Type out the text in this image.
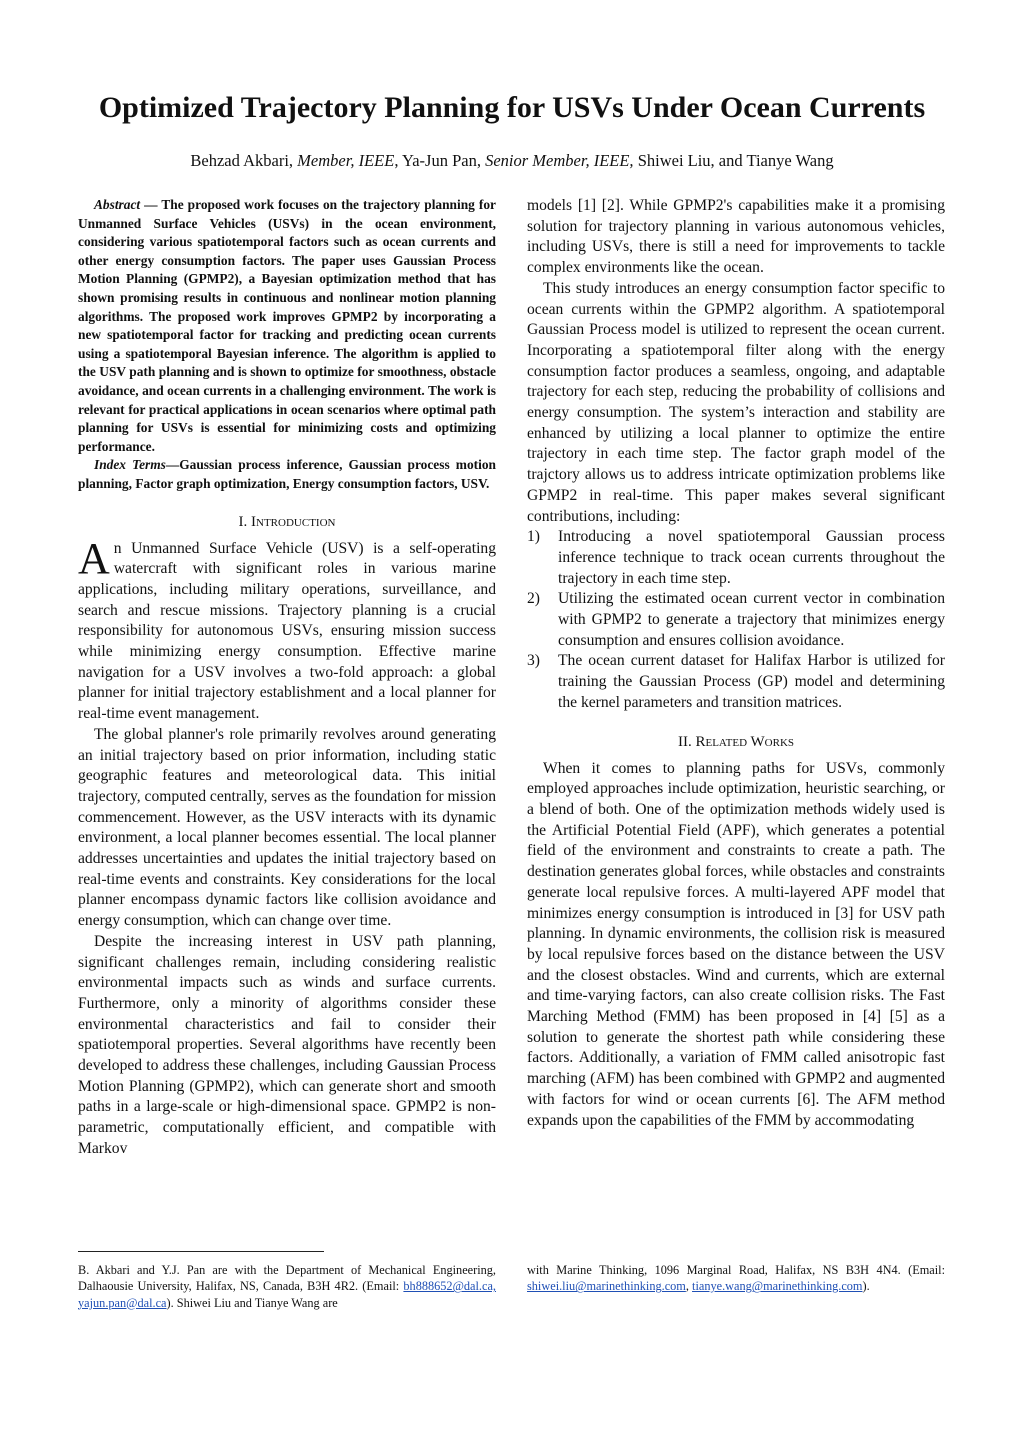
Optimized Trajectory Planning for USVs Under Ocean Currents
Behzad Akbari, Member, IEEE, Ya-Jun Pan, Senior Member, IEEE, Shiwei Liu, and Tianye Wang

Abstract — The proposed work focuses on the trajectory planning for Unmanned Surface Vehicles (USVs) in the ocean environment, considering various spatiotemporal factors such as ocean currents and other energy consumption factors. The paper uses Gaussian Process Motion Planning (GPMP2), a Bayesian optimization method that has shown promising results in continuous and nonlinear motion planning algorithms. The proposed work improves GPMP2 by incorporating a new spatiotemporal factor for tracking and predicting ocean currents using a spatiotemporal Bayesian inference. The algorithm is applied to the USV path planning and is shown to optimize for smoothness, obstacle avoidance, and ocean currents in a challenging environment. The work is relevant for practical applications in ocean scenarios where optimal path planning for USVs is essential for minimizing costs and optimizing performance.

Index Terms—Gaussian process inference, Gaussian process motion planning, Factor graph optimization, Energy consumption factors, USV.

I. Introduction

An Unmanned Surface Vehicle (USV) is a self-operating watercraft with significant roles in various marine applications, including military operations, surveillance, and search and rescue missions. Trajectory planning is a crucial responsibility for autonomous USVs, ensuring mission success while minimizing energy consumption. Effective marine navigation for a USV involves a two-fold approach: a global planner for initial trajectory establishment and a local planner for real-time event management.

The global planner's role primarily revolves around generating an initial trajectory based on prior information, including static geographic features and meteorological data. This initial trajectory, computed centrally, serves as the foundation for mission commencement. However, as the USV interacts with its dynamic environment, a local planner becomes essential. The local planner addresses uncertainties and updates the initial trajectory based on real-time events and constraints. Key considerations for the local planner encompass dynamic factors like collision avoidance and energy consumption, which can change over time.

Despite the increasing interest in USV path planning, significant challenges remain, including considering realistic environmental impacts such as winds and surface currents. Furthermore, only a minority of algorithms consider these environmental characteristics and fail to consider their spatiotemporal properties. Several algorithms have recently been developed to address these challenges, including Gaussian Process Motion Planning (GPMP2), which can generate short and smooth paths in a large-scale or high-dimensional space. GPMP2 is non-parametric, computationally efficient, and compatible with Markov

models [1] [2]. While GPMP2's capabilities make it a promising solution for trajectory planning in various autonomous vehicles, including USVs, there is still a need for improvements to tackle complex environments like the ocean.

This study introduces an energy consumption factor specific to ocean currents within the GPMP2 algorithm. A spatiotemporal Gaussian Process model is utilized to represent the ocean current. Incorporating a spatiotemporal filter along with the energy consumption factor produces a seamless, ongoing, and adaptable trajectory for each step, reducing the probability of collisions and energy consumption. The system’s interaction and stability are enhanced by utilizing a local planner to optimize the entire trajectory in each time step. The factor graph model of the trajctory allows us to address intricate optimization problems like GPMP2 in real-time. This paper makes several significant contributions, including:

1) Introducing a novel spatiotemporal Gaussian process inference technique to track ocean currents throughout the trajectory in each time step.
2) Utilizing the estimated ocean current vector in combination with GPMP2 to generate a trajectory that minimizes energy consumption and ensures collision avoidance.
3) The ocean current dataset for Halifax Harbor is utilized for training the Gaussian Process (GP) model and determining the kernel parameters and transition matrices.
II. Related Works

When it comes to planning paths for USVs, commonly employed approaches include optimization, heuristic searching, or a blend of both. One of the optimization methods widely used is the Artificial Potential Field (APF), which generates a potential field of the environment and constraints to create a path. The destination generates global forces, while obstacles and constraints generate local repulsive forces. A multi-layered APF model that minimizes energy consumption is introduced in [3] for USV path planning. In dynamic environments, the collision risk is measured by local repulsive forces based on the distance between the USV and the closest obstacles. Wind and currents, which are external and time-varying factors, can also create collision risks. The Fast Marching Method (FMM) has been proposed in [4] [5] as a solution to generate the shortest path while considering these factors. Additionally, a variation of FMM called anisotropic fast marching (AFM) has been combined with GPMP2 and augmented with factors for wind or ocean currents [6]. The AFM method expands upon the capabilities of the FMM by accommodating

B. Akbari and Y.J. Pan are with the Department of Mechanical Engineering, Dalhaousie University, Halifax, NS, Canada, B3H 4R2. (Email: bh888652@dal.ca, yajun.pan@dal.ca). Shiwei Liu and Tianye Wang are

with Marine Thinking, 1096 Marginal Road, Halifax, NS B3H 4N4. (Email: shiwei.liu@marinethinking.com, tianye.wang@marinethinking.com).
